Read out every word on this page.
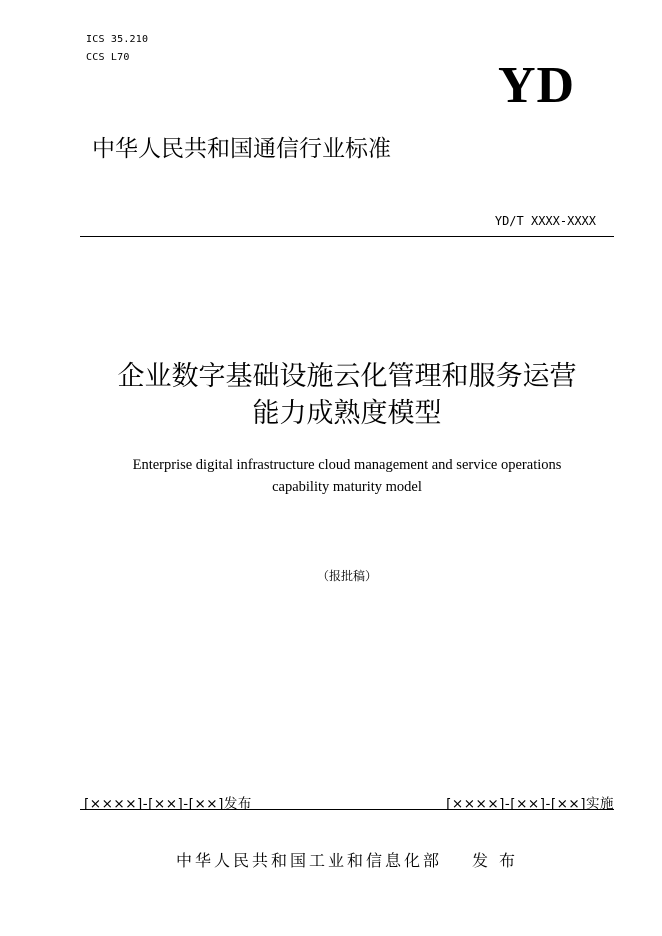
ICS 35.210
CCS L70	YD
中华人民共和国通信行业标准
YD/T XXXX-XXXX
企业数字基础设施云化管理和服务运营
能力成熟度模型
Enterprise digital infrastructure cloud management and service operations
capability maturity model
（报批稿）
[××××]-[××]-[××]发布	[××××]-[××]-[××]实施
中华人民共和国工业和信息化部 发 布
